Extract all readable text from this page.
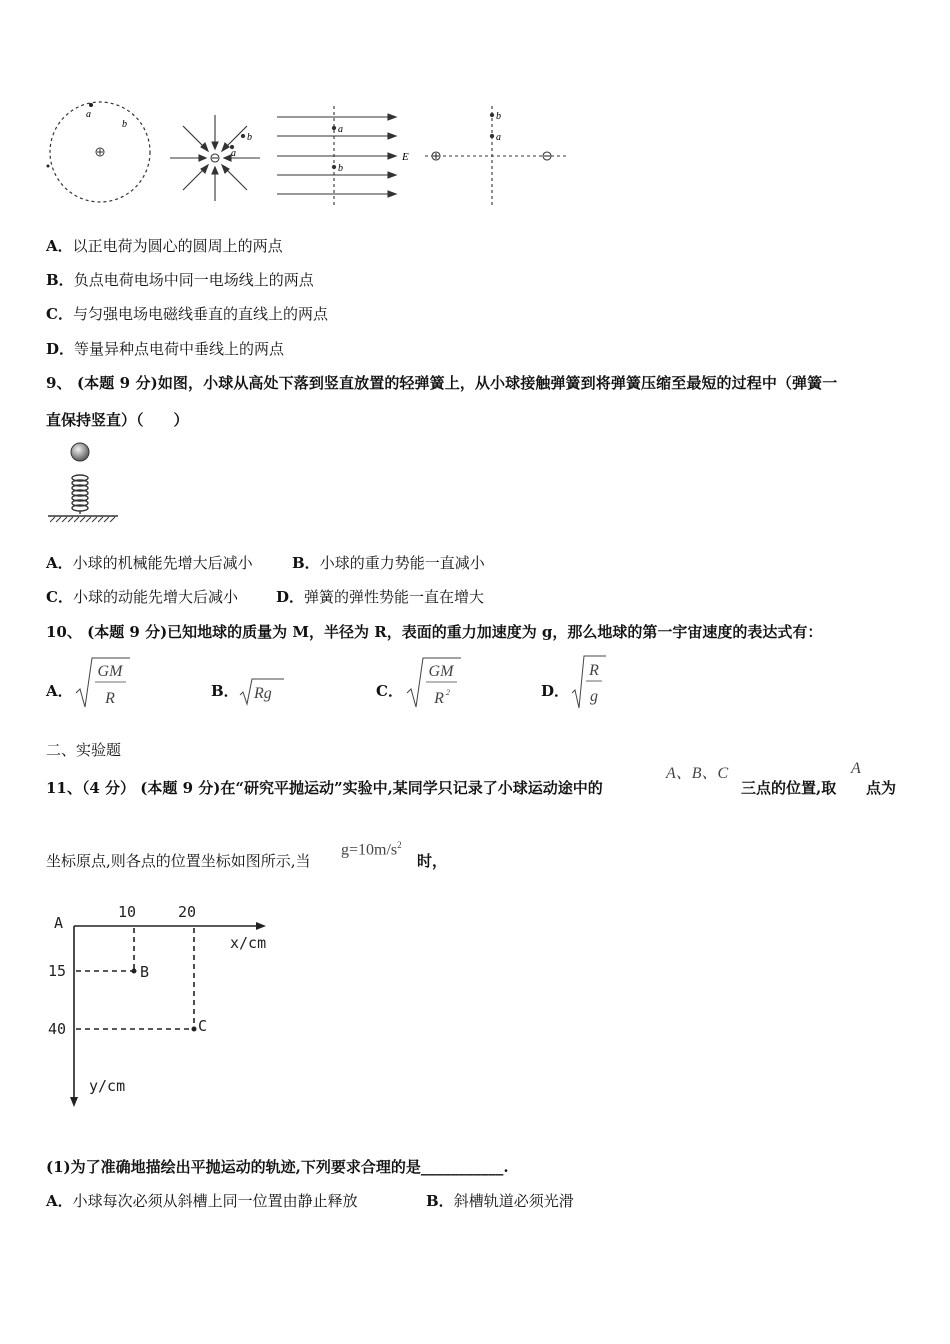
a
b
b
a
a
b
E
b
a
A．以正电荷为圆心的圆周上的两点
B．负点电荷电场中同一电场线上的两点
C．与匀强电场电磁线垂直的直线上的两点
D．等量异种点电荷中垂线上的两点
9、 (本题 9 分)如图，小球从高处下落到竖直放置的轻弹簧上，从小球接触弹簧到将弹簧压缩至最短的过程中（弹簧一
直保持竖直）（　　）
A．小球的机械能先增大后减小	B．小球的重力势能一直减小
C．小球的动能先增大后减小	D．弹簧的弹性势能一直在增大
10、 (本题 9 分)已知地球的质量为 M，半径为 R，表面的重力加速度为 g，那么地球的第一宇宙速度的表达式有：
A．
GM
R	B． Rg	C．
GM
R 2	D．
R
g
二、实验题
11、（4 分） (本题 9 分)在“研究平抛运动”实验中,某同学只记录了小球运动途中的
A、B、C
三点的位置,取
A
点为
坐标原点,则各点的位置坐标如图所示,当
$g=10m/s^2$
时，
A
10	20
x/cm
15
40
y/cm
B
C
(1)为了准确地描绘出平抛运动的轨迹,下列要求合理的是___________.
A．小球每次必须从斜槽上同一位置由静止释放	B．斜槽轨道必须光滑
